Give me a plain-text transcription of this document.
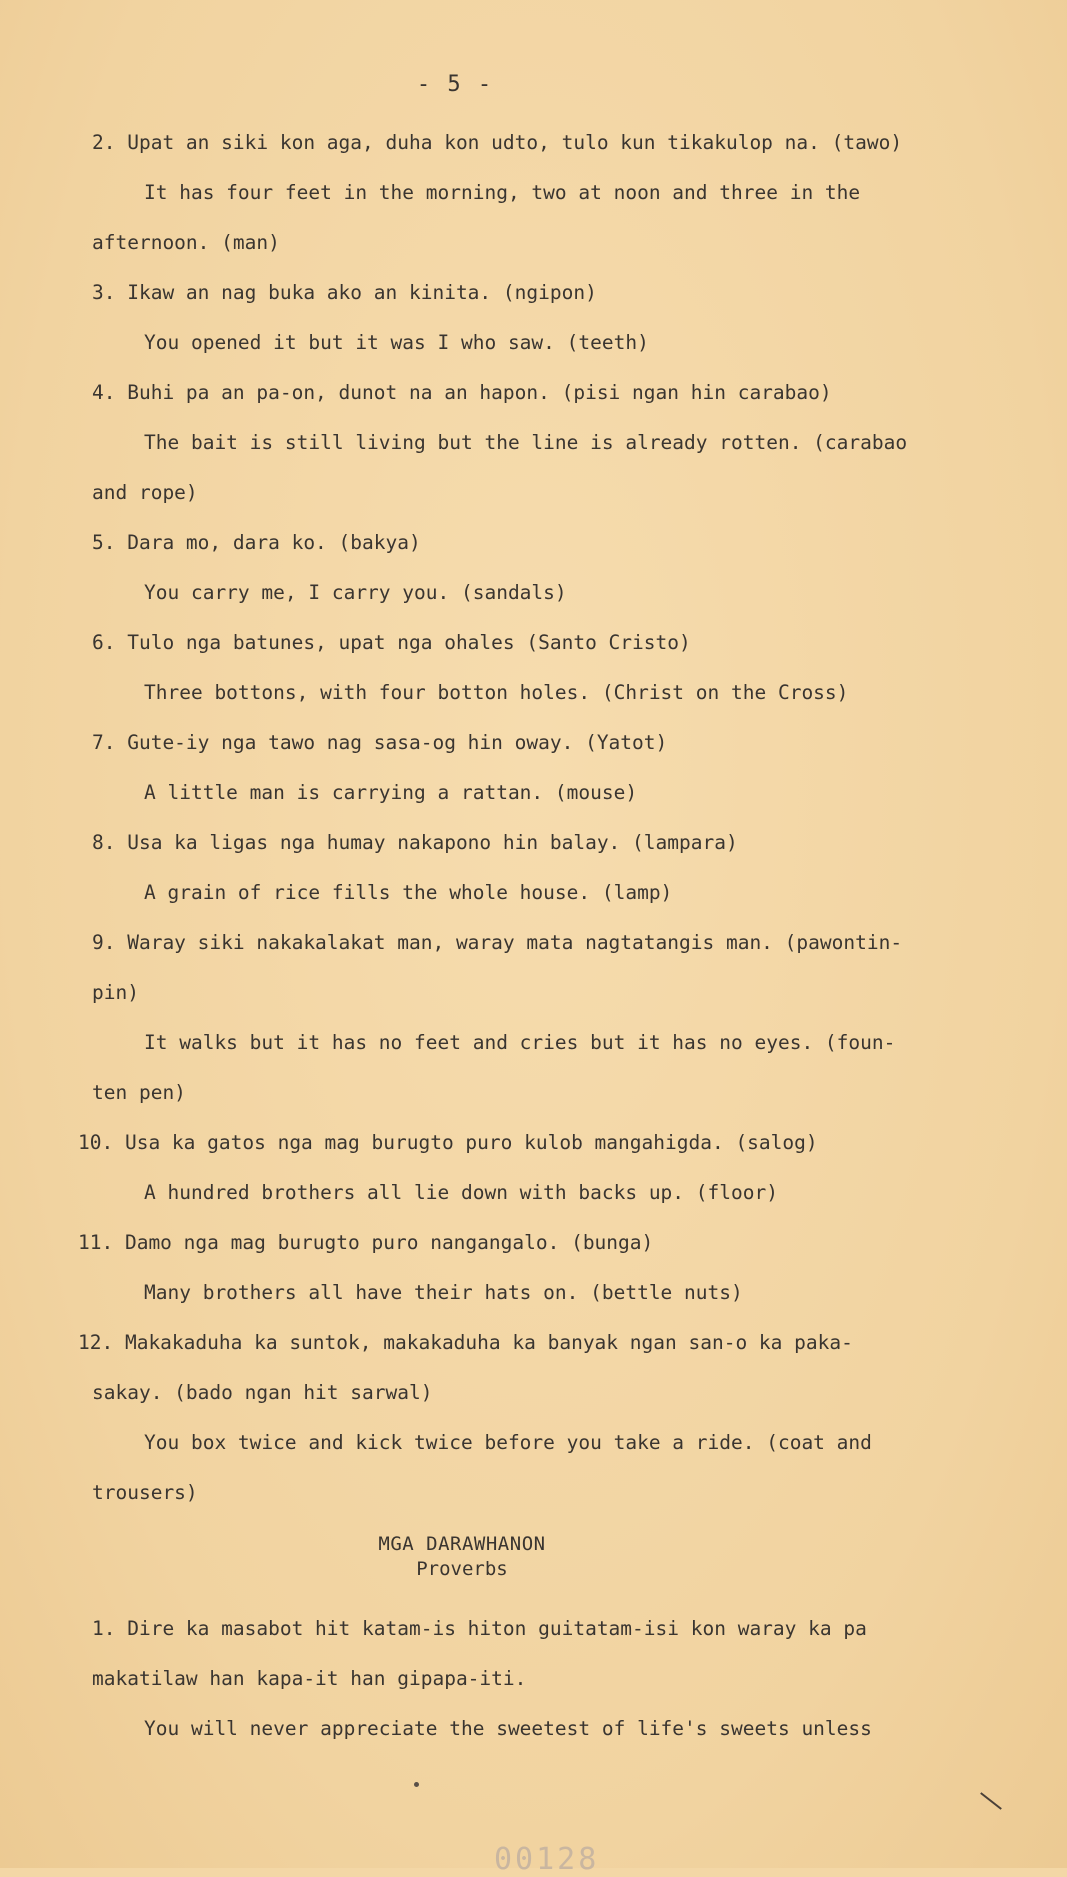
- 5 -
2. Upat an siki kon aga, duha kon udto, tulo kun tikakulop na. (tawo)
It has four feet in the morning, two at noon and three in the
afternoon. (man)
3. Ikaw an nag buka ako an kinita. (ngipon)
You opened it but it was I who saw. (teeth)
4. Buhi pa an pa-on, dunot na an hapon. (pisi ngan hin carabao)
The bait is still living but the line is already rotten. (carabao
and rope)
5. Dara mo, dara ko. (bakya)
You carry me, I carry you. (sandals)
6. Tulo nga batunes, upat nga ohales (Santo Cristo)
Three bottons, with four botton holes. (Christ on the Cross)
7. Gute-iy nga tawo nag sasa-og hin oway. (Yatot)
A little man is carrying a rattan. (mouse)
8. Usa ka ligas nga humay nakapono hin balay. (lampara)
A grain of rice fills the whole house. (lamp)
9. Waray siki nakakalakat man, waray mata nagtatangis man. (pawontin-
pin)
It walks but it has no feet and cries but it has no eyes. (foun-
ten pen)
10. Usa ka gatos nga mag burugto puro kulob mangahigda. (salog)
A hundred brothers all lie down with backs up. (floor)
11. Damo nga mag burugto puro nangangalo. (bunga)
Many brothers all have their hats on. (bettle nuts)
12. Makakaduha ka suntok, makakaduha ka banyak ngan san-o ka paka-
sakay. (bado ngan hit sarwal)
You box twice and kick twice before you take a ride. (coat and
trousers)
MGA DARAWHANON
Proverbs
1. Dire ka masabot hit katam-is hiton guitatam-isi kon waray ka pa
makatilaw han kapa-it han gipapa-iti.
You will never appreciate the sweetest of life's sweets unless
00128
